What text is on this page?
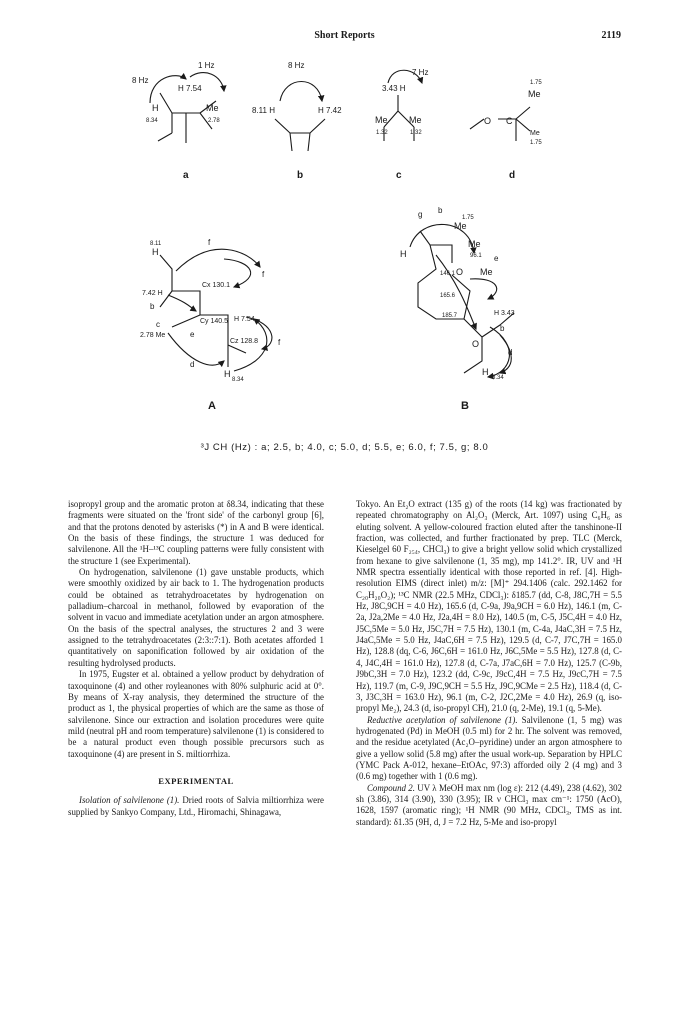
Short Reports	2119
1 Hz
8 Hz
H 7.54
H
8.34
Me
2.78
a
8 Hz
8.11 H	H 7.42
b
7 Hz
3.43 H
Me
1.32
Me
1.32
c
1.75
Me
O C
Me
1.75
d
8.11
H
7.42 H
b
c
2.78 Me
Cx 130.1
Cy 140.5 H 7.54
Cz 128.8
H
8.34
d
f
f
f
e
g b
1.75
Me
Me
96.1
H
146.1 O Me
e
165.6
185.7
O
H 3.43
b
d
H
8.34
A	B
³J CH (Hz) : a; 2.5, b; 4.0, c; 5.0, d; 5.5, e; 6.0, f; 7.5, g; 8.0

isopropyl group and the aromatic proton at δ8.34, indicating that these fragments were situated on the 'front side' of the carbonyl group [6], and that the protons denoted by asterisks (*) in A and B were identical. On the basis of these findings, the structure 1 was deduced for salvilenone. All the ¹H–¹³C coupling patterns were fully consistent with the structure 1 (see Experimental).

On hydrogenation, salvilenone (1) gave unstable products, which were smoothly oxidized by air back to 1. The hydrogenation products could be obtained as tetrahydroacetates by hydrogenation on palladium–charcoal in methanol, followed by evaporation of the solvent in vacuo and immediate acetylation under an argon atmosphere. On the basis of the spectral analyses, the structures 2 and 3 were assigned to the tetrahydroacetates (2:3::7:1). Both acetates afforded 1 quantitatively on saponification followed by air oxidation of the resulting hydrolysed products.

In 1975, Eugster et al. obtained a yellow product by dehydration of taxoquinone (4) and other royleanones with 80% sulphuric acid at 0°. By means of X-ray analysis, they determined the structure of the product as 1, the physical properties of which are the same as those of salvilenone. Since our extraction and isolation procedures were quite mild (neutral pH and room temperature) salvilenone (1) is considered to be a natural product even though possible precursors such as taxoquinone (4) are present in S. miltiorrhiza.

EXPERIMENTAL

Isolation of salvilenone (1). Dried roots of Salvia miltiorrhiza were supplied by Sankyo Company, Ltd., Hiromachi, Shinagawa,

Tokyo. An Et₂O extract (135 g) of the roots (14 kg) was fractionated by repeated chromatography on Al₂O₃ (Merck, Art. 1097) using C₆H₆ as eluting solvent. A yellow-coloured fraction eluted after the tanshinone-II fraction, was collected, and further fractionated by prep. TLC (Merck, Kieselgel 60 F₂₅₄, CHCl₃) to give a bright yellow solid which crystallized from hexane to give salvilenone (1, 35 mg), mp 141.2°. IR, UV and ¹H NMR spectra essentially identical with those reported in ref. [4]. High-resolution EIMS (direct inlet) m/z: [M]⁺ 294.1406 (calc. 292.1462 for C₂₀H₂₀O₂); ¹³C NMR (22.5 MHz, CDCl₃): δ185.7 (dd, C-8, J8C,7H = 5.5 Hz, J8C,9CH = 4.0 Hz), 165.6 (d, C-9a, J9a,9CH = 6.0 Hz), 146.1 (m, C-2a, J2a,2Me = 4.0 Hz, J2a,4H = 8.0 Hz), 140.5 (m, C-5, J5C,4H = 4.0 Hz, J5C,5Me = 5.0 Hz, J5C,7H = 7.5 Hz), 130.1 (m, C-4a, J4aC,3H = 7.5 Hz, J4aC,5Me = 5.0 Hz, J4aC,6H = 7.5 Hz), 129.5 (d, C-7, J7C,7H = 165.0 Hz), 128.8 (dq, C-6, J6C,6H = 161.0 Hz, J6C,5Me = 5.5 Hz), 127.8 (d, C-4, J4C,4H = 161.0 Hz), 127.8 (d, C-7a, J7aC,6H = 7.0 Hz), 125.7 (C-9b, J9bC,3H = 7.0 Hz), 123.2 (dd, C-9c, J9cC,4H = 7.5 Hz, J9cC,7H = 7.5 Hz), 119.7 (m, C-9, J9C,9CH = 5.5 Hz, J9C,9CMe = 2.5 Hz), 118.4 (d, C-3, J3C,3H = 163.0 Hz), 96.1 (m, C-2, J2C,2Me = 4.0 Hz), 26.9 (q, iso-propyl Me₂), 24.3 (d, iso-propyl CH), 21.0 (q, 2-Me), 19.1 (q, 5-Me).

Reductive acetylation of salvilenone (1). Salvilenone (1, 5 mg) was hydrogenated (Pd) in MeOH (0.5 ml) for 2 hr. The solvent was removed, and the residue acetylated (Ac₂O–pyridine) under an argon atmosphere to give a yellow solid (5.8 mg) after the usual work-up. Separation by HPLC (YMC Pack A-012, hexane–EtOAc, 97:3) afforded oily 2 (4 mg) and 3 (0.6 mg) together with 1 (0.6 mg).

Compound 2. UV λ MeOH max nm (log ε): 212 (4.49), 238 (4.62), 302 sh (3.86), 314 (3.90), 330 (3.95); IR ν CHCl₃ max cm⁻¹: 1750 (AcO), 1628, 1597 (aromatic ring); ¹H NMR (90 MHz, CDCl₃, TMS as int. standard): δ1.35 (9H, d, J = 7.2 Hz, 5-Me and iso-propyl
